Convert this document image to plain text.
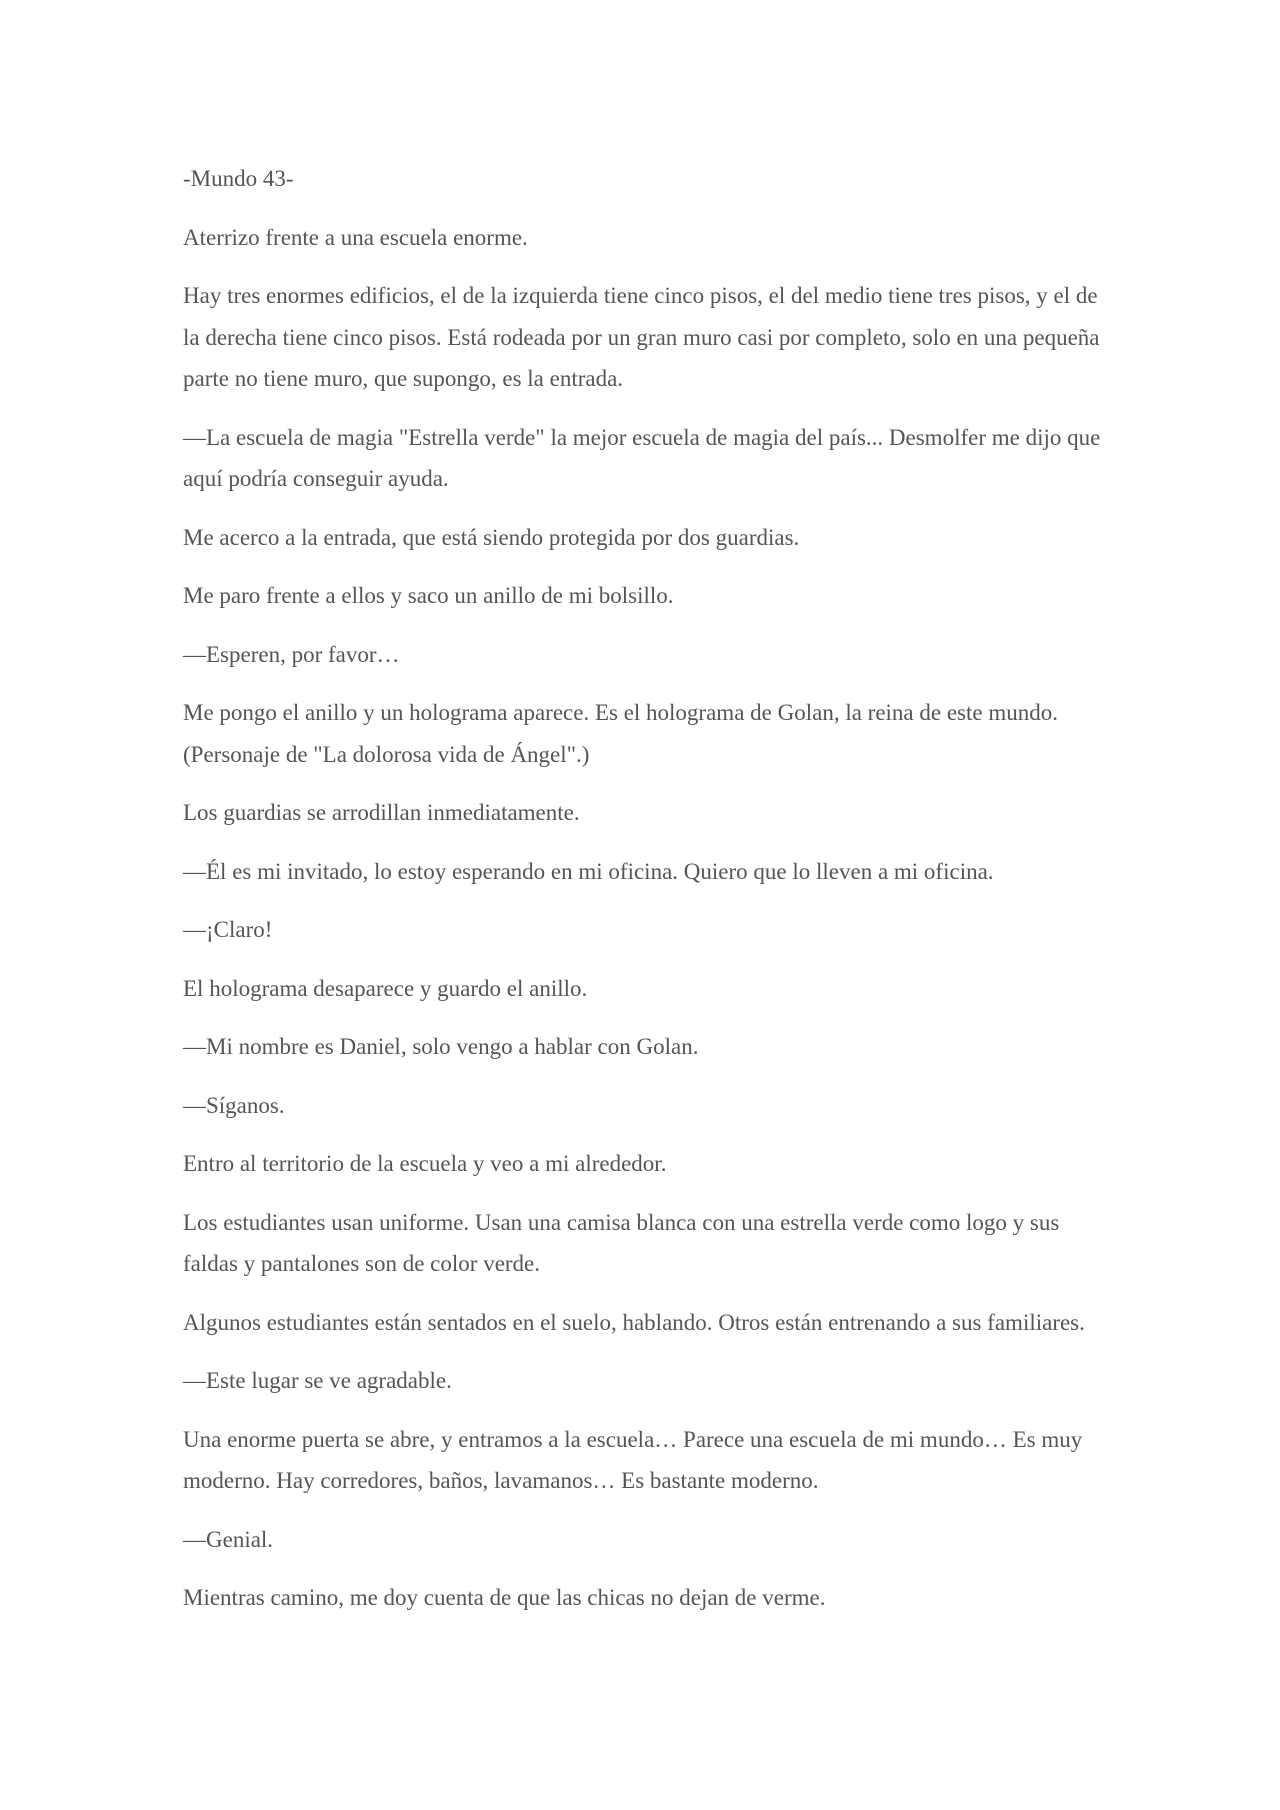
-Mundo 43-

Aterrizo frente a una escuela enorme.

Hay tres enormes edificios, el de la izquierda tiene cinco pisos, el del medio tiene tres pisos, y el de la derecha tiene cinco pisos. Está rodeada por un gran muro casi por completo, solo en una pequeña parte no tiene muro, que supongo, es la entrada.

—La escuela de magia "Estrella verde" la mejor escuela de magia del país... Desmolfer me dijo que aquí podría conseguir ayuda.

Me acerco a la entrada, que está siendo protegida por dos guardias.

Me paro frente a ellos y saco un anillo de mi bolsillo.

—Esperen, por favor…

Me pongo el anillo y un holograma aparece. Es el holograma de Golan, la reina de este mundo. (Personaje de "La dolorosa vida de Ángel".)

Los guardias se arrodillan inmediatamente.

—Él es mi invitado, lo estoy esperando en mi oficina. Quiero que lo lleven a mi oficina.

—¡Claro!

El holograma desaparece y guardo el anillo.

—Mi nombre es Daniel, solo vengo a hablar con Golan.

—Síganos.

Entro al territorio de la escuela y veo a mi alrededor.

Los estudiantes usan uniforme. Usan una camisa blanca con una estrella verde como logo y sus faldas y pantalones son de color verde.

Algunos estudiantes están sentados en el suelo, hablando. Otros están entrenando a sus familiares.

—Este lugar se ve agradable.

Una enorme puerta se abre, y entramos a la escuela… Parece una escuela de mi mundo… Es muy moderno. Hay corredores, baños, lavamanos… Es bastante moderno.

—Genial.

Mientras camino, me doy cuenta de que las chicas no dejan de verme.
